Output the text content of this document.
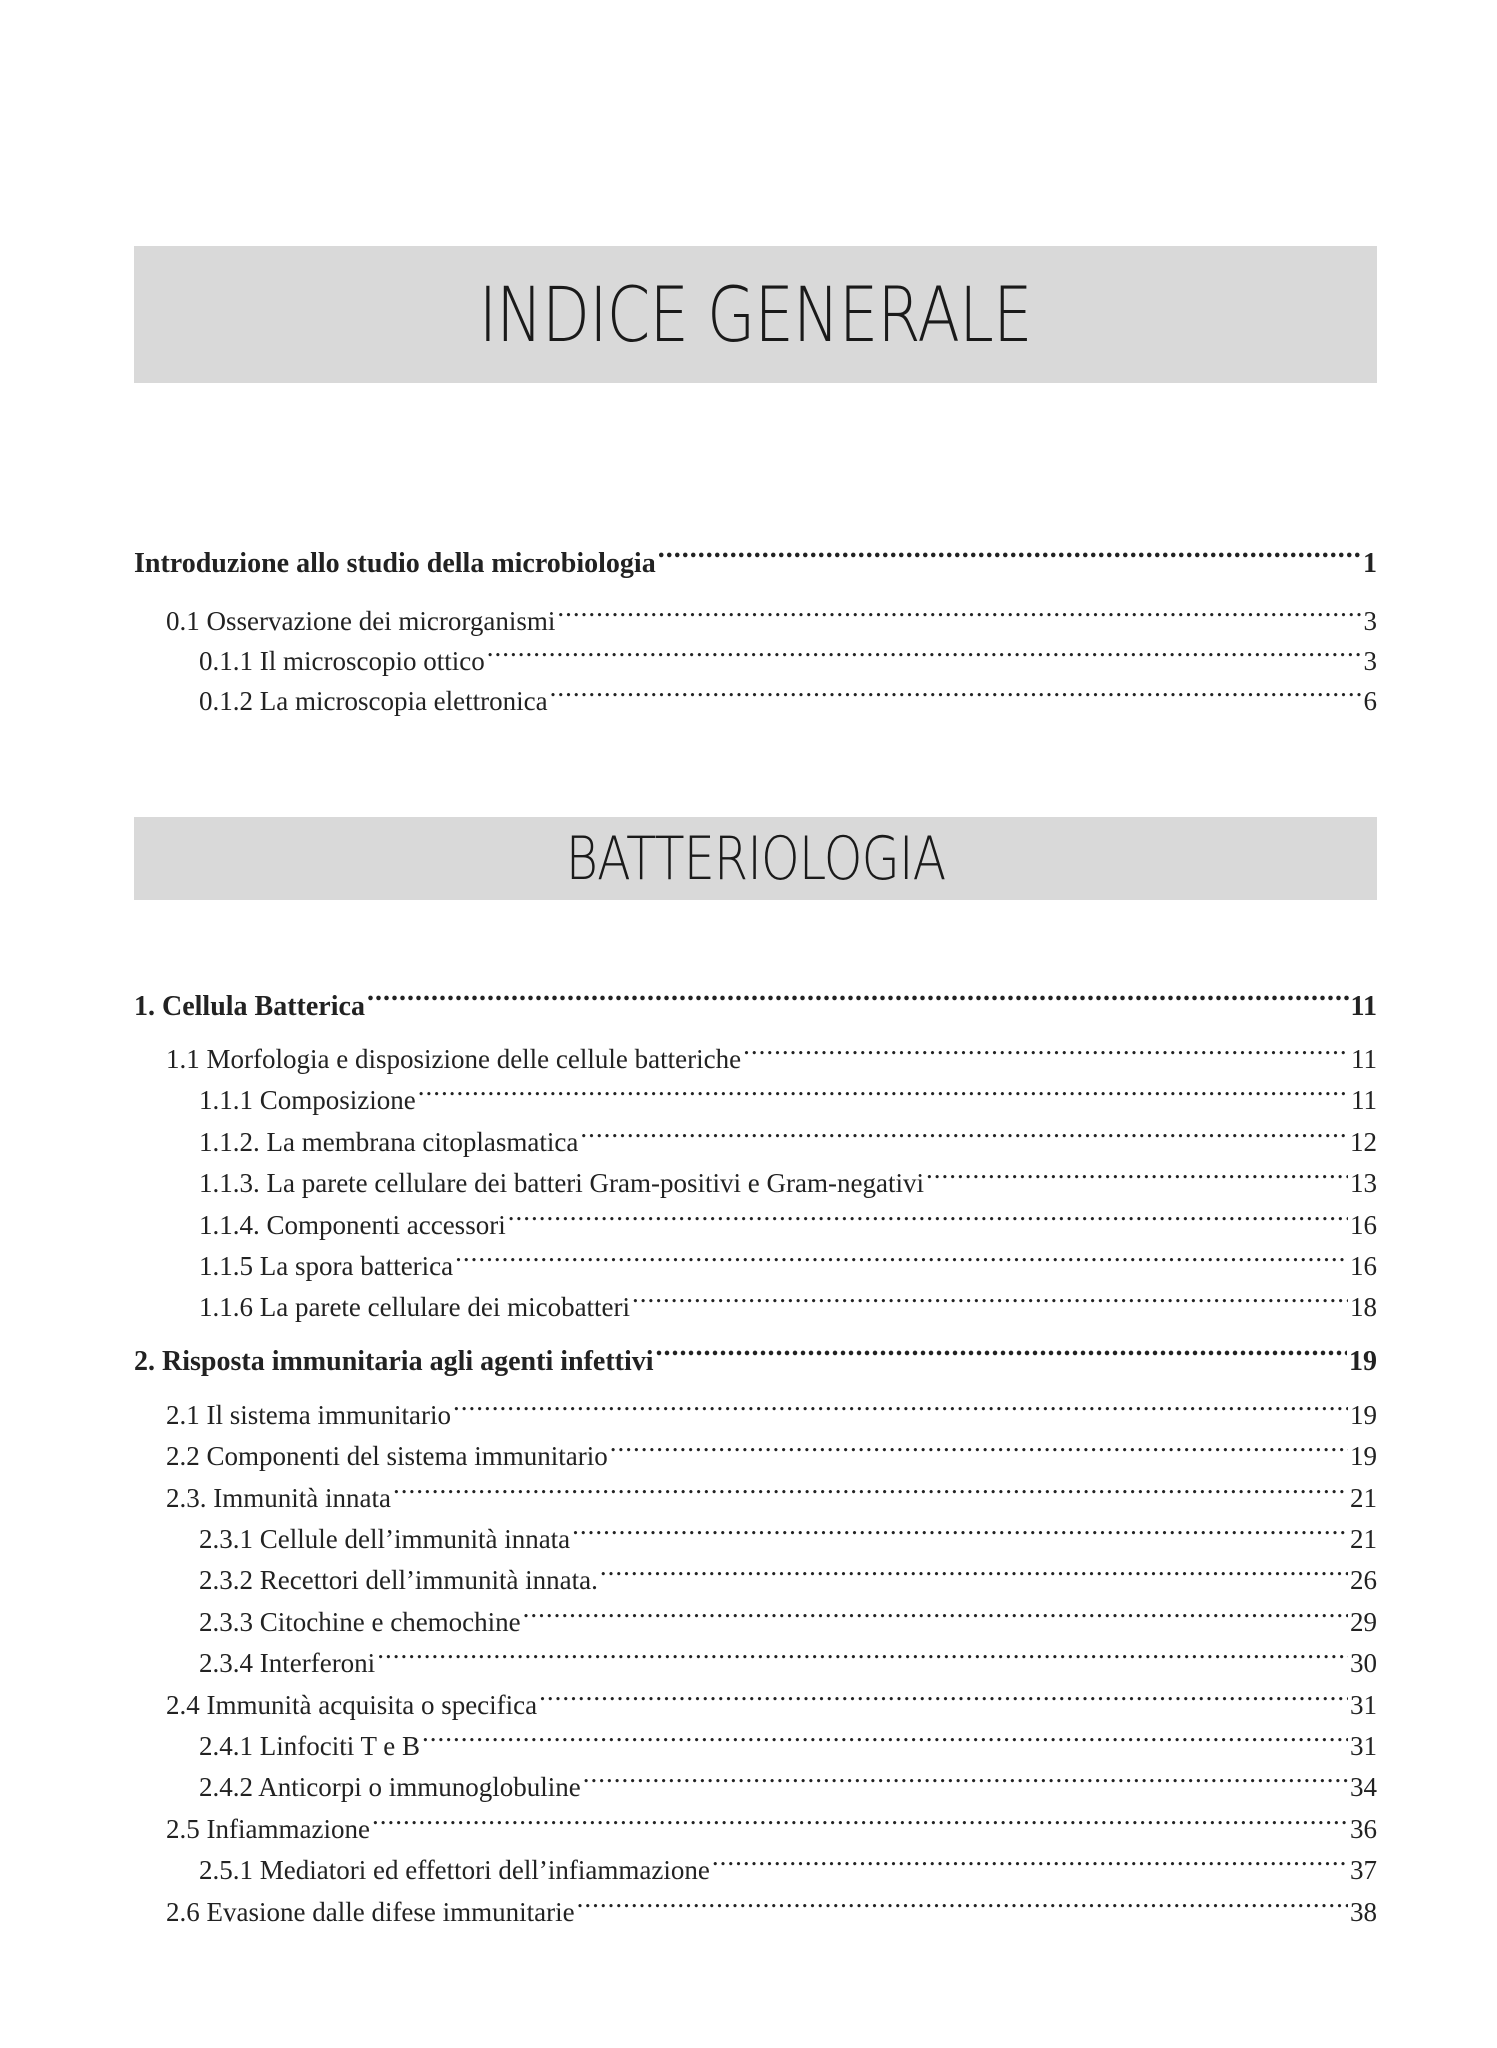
INDICE GENERALE
Introduzione allo studio della microbiologia .....	1
0.1 Osservazione dei microrganismi .....	3
0.1.1 Il microscopio ottico .....	3
0.1.2 La microscopia elettronica .....	6
BATTERIOLOGIA
1. Cellula Batterica .....	11
1.1 Morfologia e disposizione delle cellule batteriche .....	11
1.1.1 Composizione .....	11
1.1.2. La membrana citoplasmatica .....	12
1.1.3. La parete cellulare dei batteri Gram-positivi e Gram-negativi .....	13
1.1.4. Componenti accessori .....	16
1.1.5 La spora batterica .....	16
1.1.6 La parete cellulare dei micobatteri .....	18
2. Risposta immunitaria agli agenti infettivi .....	19
2.1 Il sistema immunitario .....	19
2.2 Componenti del sistema immunitario .....	19
2.3. Immunità innata .....	21
2.3.1 Cellule dell’immunità innata .....	21
2.3.2 Recettori dell’immunità innata. .....	26
2.3.3 Citochine e chemochine .....	29
2.3.4 Interferoni .....	30
2.4 Immunità acquisita o specifica .....	31
2.4.1 Linfociti T e B .....	31
2.4.2 Anticorpi o immunoglobuline .....	34
2.5 Infiammazione .....	36
2.5.1 Mediatori ed effettori dell’infiammazione .....	37
2.6 Evasione dalle difese immunitarie .....	38
